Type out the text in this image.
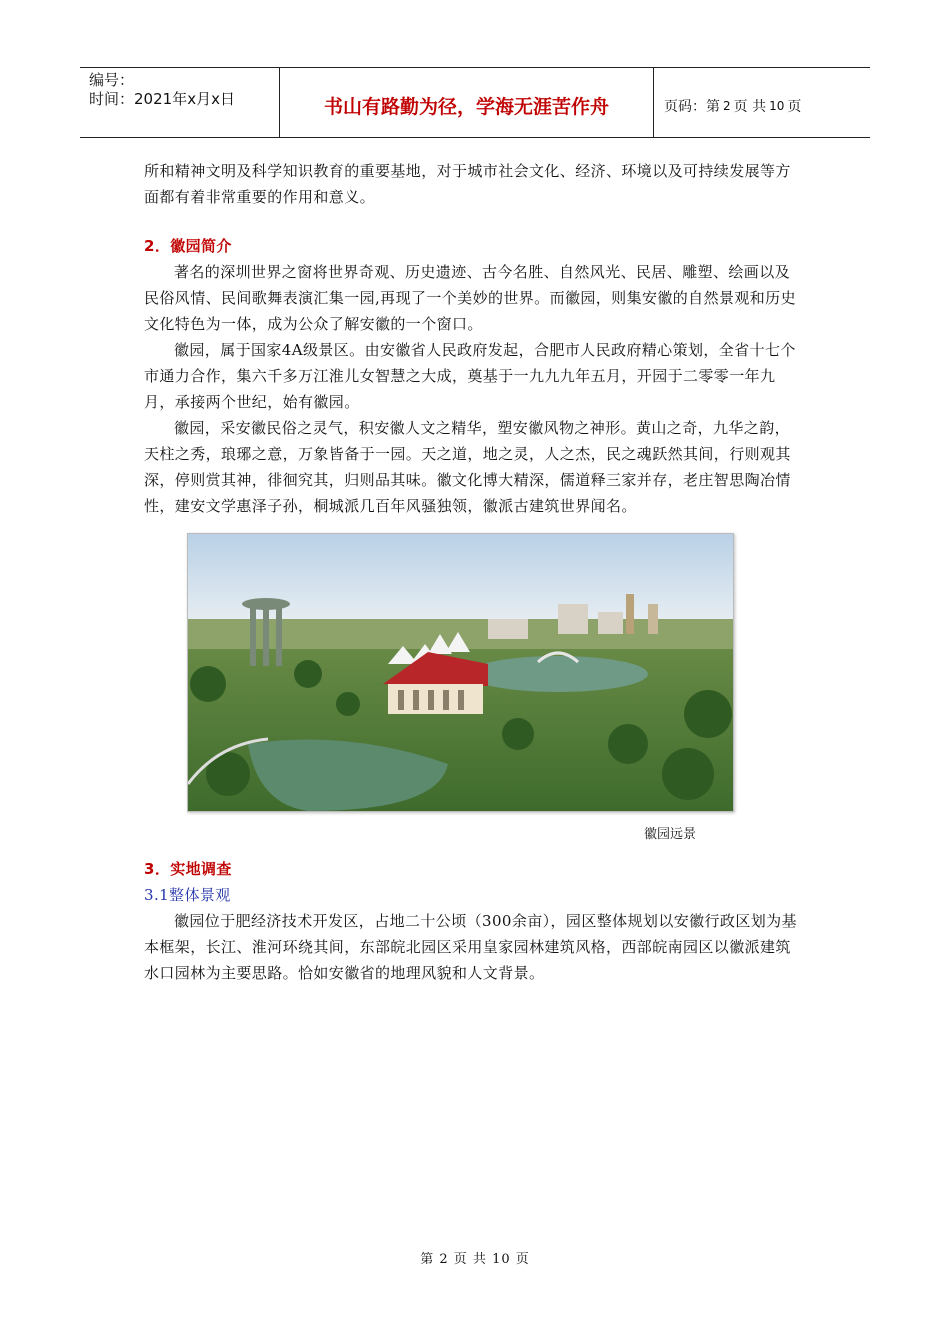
编号：
时间：2021年x月x日	书山有路勤为径，学海无涯苦作舟	页码：第 2 页 共 10 页

所和精神文明及科学知识教育的重要基地，对于城市社会文化、经济、环境以及可持续发展等方面都有着非常重要的作用和意义。

2．徽园简介

著名的深圳世界之窗将世界奇观、历史遗迹、古今名胜、自然风光、民居、雕塑、绘画以及民俗风情、民间歌舞表演汇集一园,再现了一个美妙的世界。而徽园，则集安徽的自然景观和历史文化特色为一体，成为公众了解安徽的一个窗口。

徽园，属于国家4A级景区。由安徽省人民政府发起，合肥市人民政府精心策划，全省十七个市通力合作，集六千多万江淮儿女智慧之大成，奠基于一九九九年五月，开园于二零零一年九月，承接两个世纪，始有徽园。

徽园，采安徽民俗之灵气，积安徽人文之精华，塑安徽风物之神形。黄山之奇，九华之韵，天柱之秀，琅琊之意，万象皆备于一园。天之道，地之灵，人之杰，民之魂跃然其间，行则观其深，停则赏其神，徘徊究其，归则品其味。徽文化博大精深，儒道释三家并存，老庄智思陶冶情性，建安文学惠泽子孙，桐城派几百年风骚独领，徽派古建筑世界闻名。

徽园远景

3．实地调查

3.1整体景观

徽园位于肥经济技术开发区，占地二十公顷（300余亩），园区整体规划以安徽行政区划为基本框架，长江、淮河环绕其间，东部皖北园区采用皇家园林建筑风格，西部皖南园区以徽派建筑水口园林为主要思路。恰如安徽省的地理风貌和人文背景。

第 2 页 共 10 页
